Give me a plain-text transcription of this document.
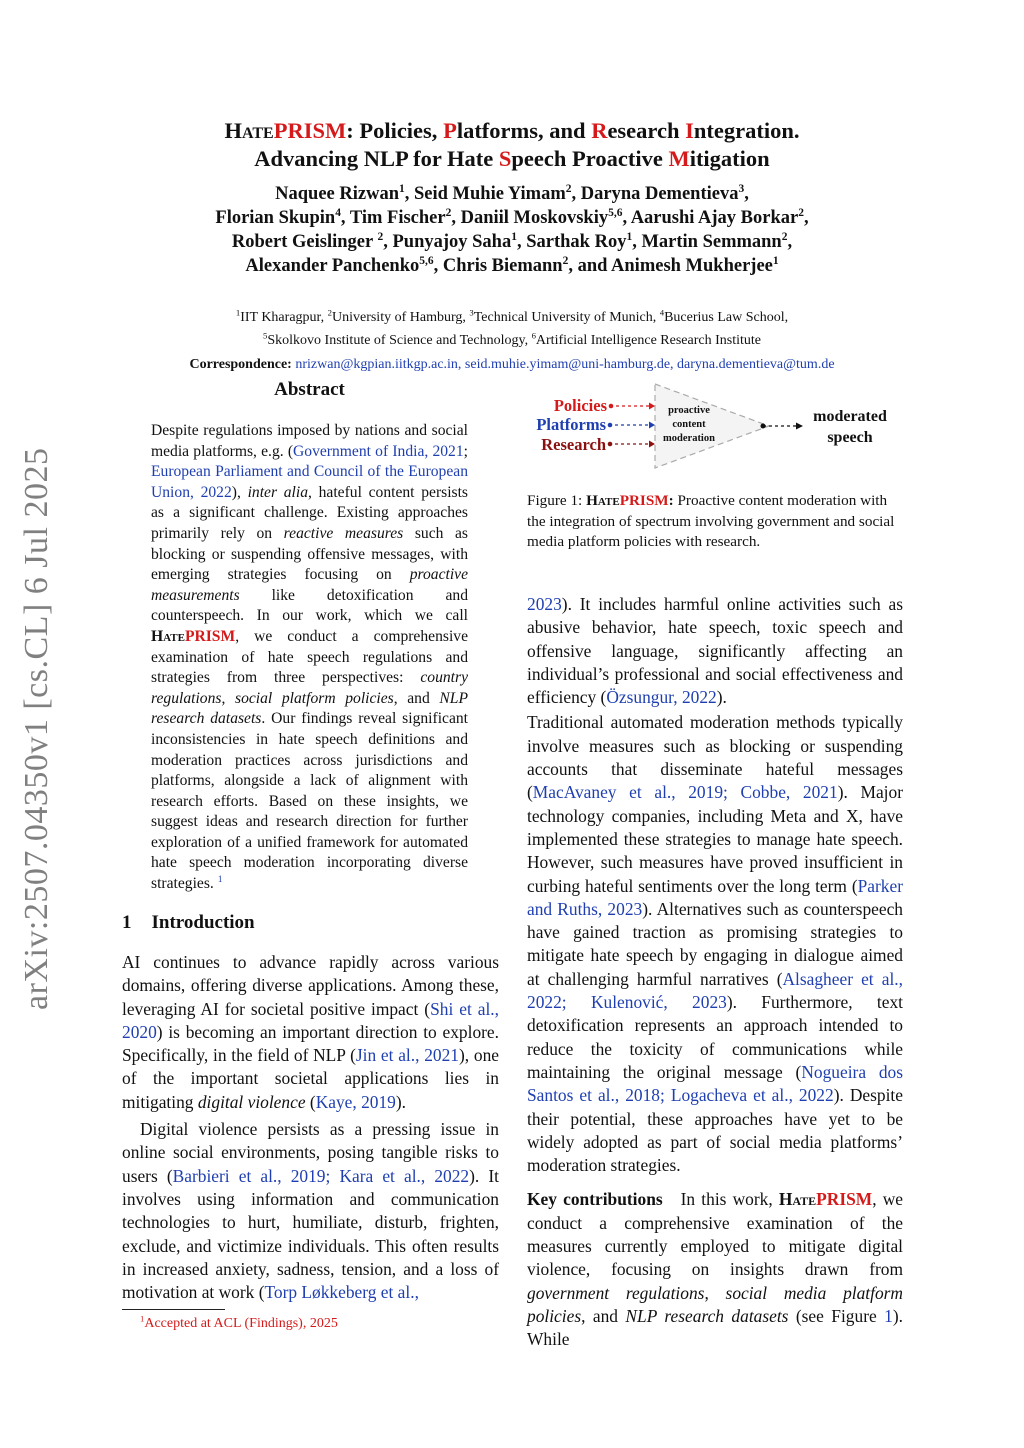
arXiv:2507.04350v1 [cs.CL] 6 Jul 2025
HatePRISM: Policies, Platforms, and Research Integration.
Advancing NLP for Hate Speech Proactive Mitigation
Naquee Rizwan$^1$, Seid Muhie Yimam$^2$, Daryna Dementieva$^3$,
Florian Skupin$^4$, Tim Fischer$^2$, Daniil Moskovskiy$^{5,6}$, Aarushi Ajay Borkar$^2$,
Robert Geislinger $^2$, Punyajoy Saha$^1$, Sarthak Roy$^1$, Martin Semmann$^2$,
Alexander Panchenko$^{5,6}$, Chris Biemann$^2$, and Animesh Mukherjee$^1$
$^1$IIT Kharagpur, $^2$University of Hamburg, $^3$Technical University of Munich, $^4$Bucerius Law School,
$^5$Skolkovo Institute of Science and Technology, $^6$Artificial Intelligence Research Institute
Correspondence: nrizwan@kgpian.iitkgp.ac.in, seid.muhie.yimam@uni-hamburg.de, daryna.dementieva@tum.de
Abstract

Despite regulations imposed by nations and social media platforms, e.g. (Government of India, 2021; European Parliament and Council of the European Union, 2022), inter alia, hateful content persists as a significant challenge. Existing approaches primarily rely on reactive measures such as blocking or suspending offensive messages, with emerging strategies focusing on proactive measurements like detoxification and counterspeech. In our work, which we call HatePRISM, we conduct a comprehensive examination of hate speech regulations and strategies from three perspectives: country regulations, social platform policies, and NLP research datasets. Our findings reveal significant inconsistencies in hate speech definitions and moderation practices across jurisdictions and platforms, alongside a lack of alignment with research efforts. Based on these insights, we suggest ideas and research direction for further exploration of a unified framework for automated hate speech moderation incorporating diverse strategies. $^1$

1 Introduction

AI continues to advance rapidly across various domains, offering diverse applications. Among these, leveraging AI for societal positive impact (Shi et al., 2020) is becoming an important direction to explore. Specifically, in the field of NLP (Jin et al., 2021), one of the important societal applications lies in mitigating digital violence (Kaye, 2019).

Digital violence persists as a pressing issue in online social environments, posing tangible risks to users (Barbieri et al., 2019; Kara et al., 2022). It involves using information and communication technologies to hurt, humiliate, disturb, frighten, exclude, and victimize individuals. This often results in increased anxiety, sadness, tension, and a loss of motivation at work (Torp Løkkeberg et al.,

$^1$Accepted at ACL (Findings), 2025
Policies
Platforms
Research
proactive
content
moderation
moderated
speech
Figure 1: HatePRISM: Proactive content moderation with the integration of spectrum involving government and social media platform policies with research.

2023). It includes harmful online activities such as abusive behavior, hate speech, toxic speech and offensive language, significantly affecting an individual’s professional and social effectiveness and efficiency (Özsungur, 2022).

Traditional automated moderation methods typically involve measures such as blocking or suspending accounts that disseminate hateful messages (MacAvaney et al., 2019; Cobbe, 2021). Major technology companies, including Meta and X, have implemented these strategies to manage hate speech. However, such measures have proved insufficient in curbing hateful sentiments over the long term (Parker and Ruths, 2023). Alternatives such as counterspeech have gained traction as promising strategies to mitigate hate speech by engaging in dialogue aimed at challenging harmful narratives (Alsagheer et al., 2022; Kulenović, 2023). Furthermore, text detoxification represents an approach intended to reduce the toxicity of communications while maintaining the original message (Nogueira dos Santos et al., 2018; Logacheva et al., 2022). Despite their potential, these approaches have yet to be widely adopted as part of social media platforms’ moderation strategies.

Key contributions In this work, HatePRISM, we conduct a comprehensive examination of the measures currently employed to mitigate digital violence, focusing on insights drawn from government regulations, social media platform policies, and NLP research datasets (see Figure 1). While
